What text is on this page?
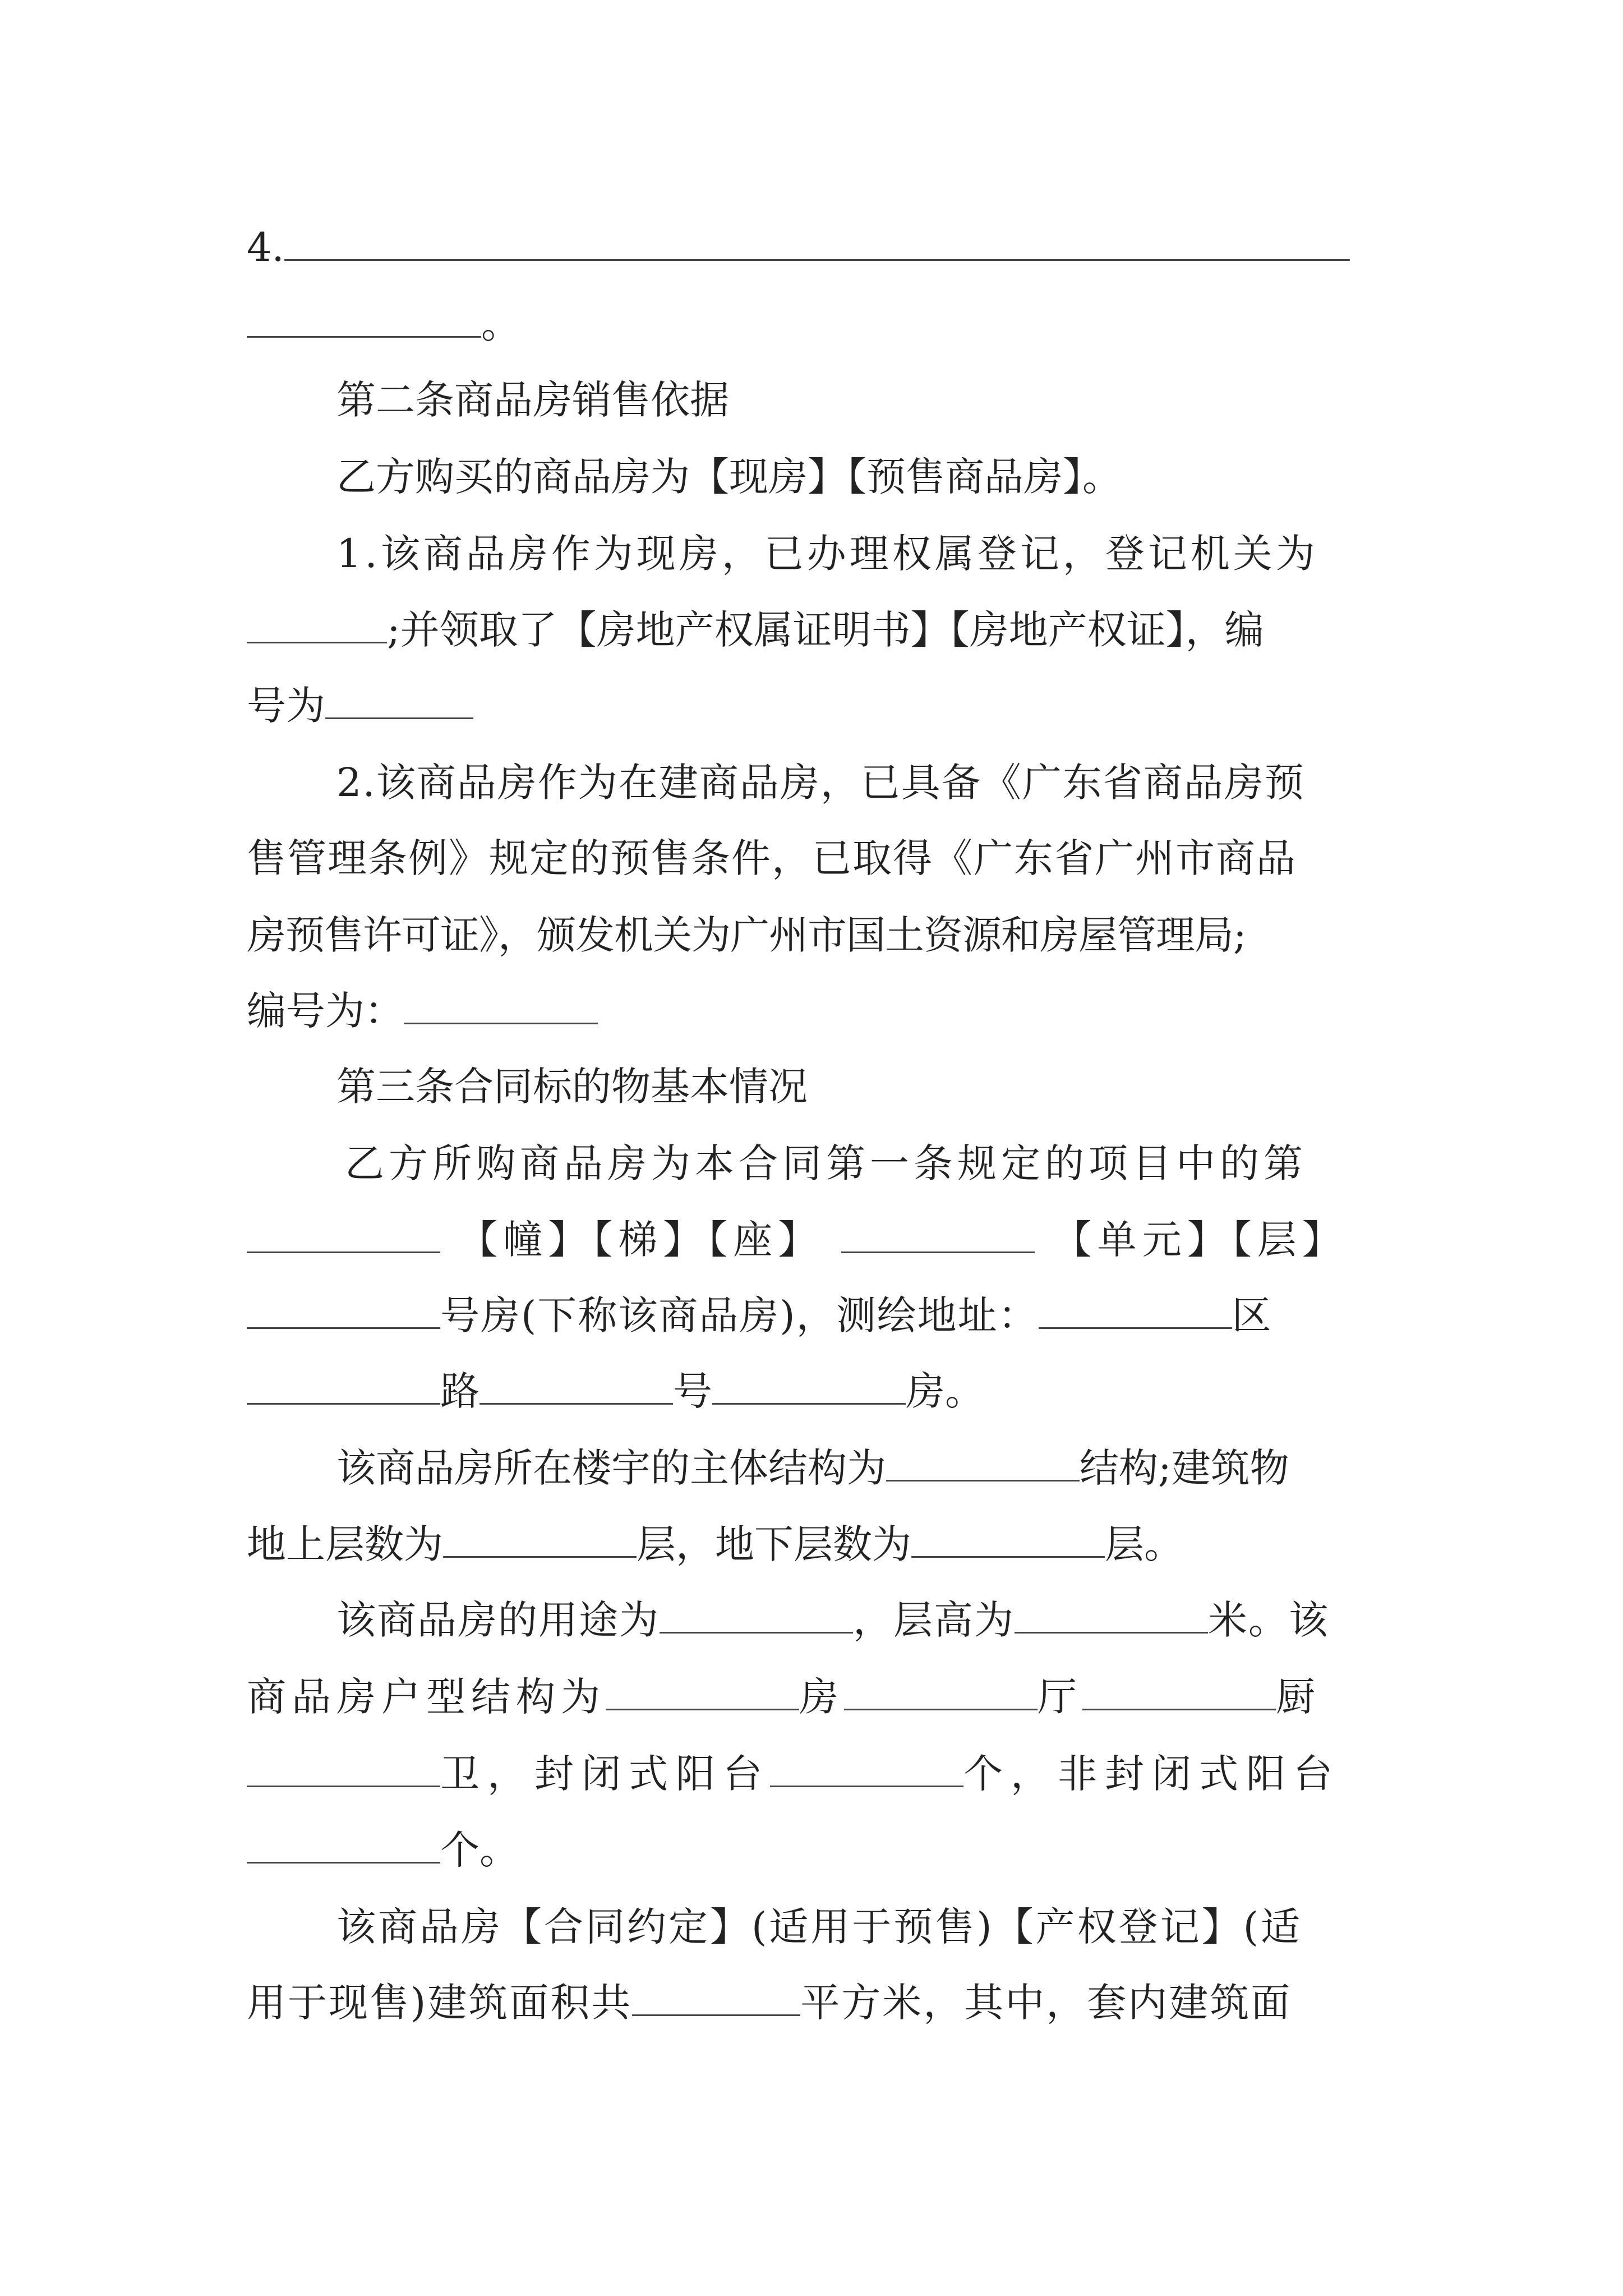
4.
。
第二条商品房销售依据
乙方购买的商品房为【现房】【预售商品房】。
1.该商品房作为现房，已办理权属登记，登记机关为
;并领取了【房地产权属证明书】【房地产权证】，编
号为
2.该商品房作为在建商品房，已具备《广东省商品房预
售管理条例》规定的预售条件，已取得《广东省广州市商品
房预售许可证》，颁发机关为广州市国土资源和房屋管理局;
编号为：
第三条合同标的物基本情况
乙方所购商品房为本合同第一条规定的项目中的第
【幢】【梯】【座】	【单元】【层】
号房(下称该商品房)，测绘地址：	区
路	号	房。
该商品房所在楼宇的主体结构为	结构;建筑物
地上层数为	层，地下层数为	层。
该商品房的用途为	，层高为	米。该
商品房户型结构为	房	厅	厨
卫，封闭式阳台	个，非封闭式阳台
个。
该商品房【合同约定】(适用于预售)【产权登记】(适
用于现售)建筑面积共	平方米，其中，套内建筑面
